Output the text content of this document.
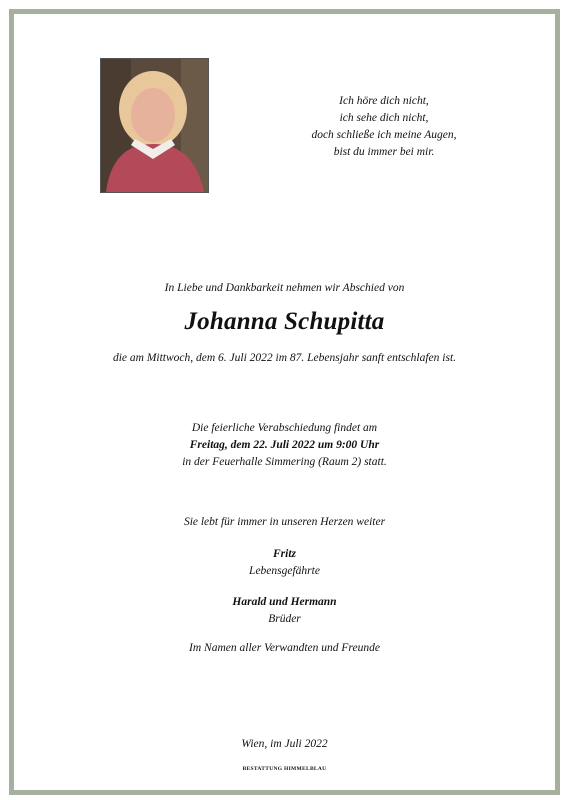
Ich höre dich nicht,
ich sehe dich nicht,
doch schließe ich meine Augen,
bist du immer bei mir.
In Liebe und Dankbarkeit nehmen wir Abschied von
Johanna Schupitta
die am Mittwoch, dem 6. Juli 2022 im 87. Lebensjahr sanft entschlafen ist.
Die feierliche Verabschiedung findet am
Freitag, dem 22. Juli 2022 um 9:00 Uhr
in der Feuerhalle Simmering (Raum 2) statt.
Sie lebt für immer in unseren Herzen weiter
Fritz
Lebensgefährte
Harald und Hermann
Brüder
Im Namen aller Verwandten und Freunde
Wien, im Juli 2022
BESTATTUNG HIMMELBLAU
